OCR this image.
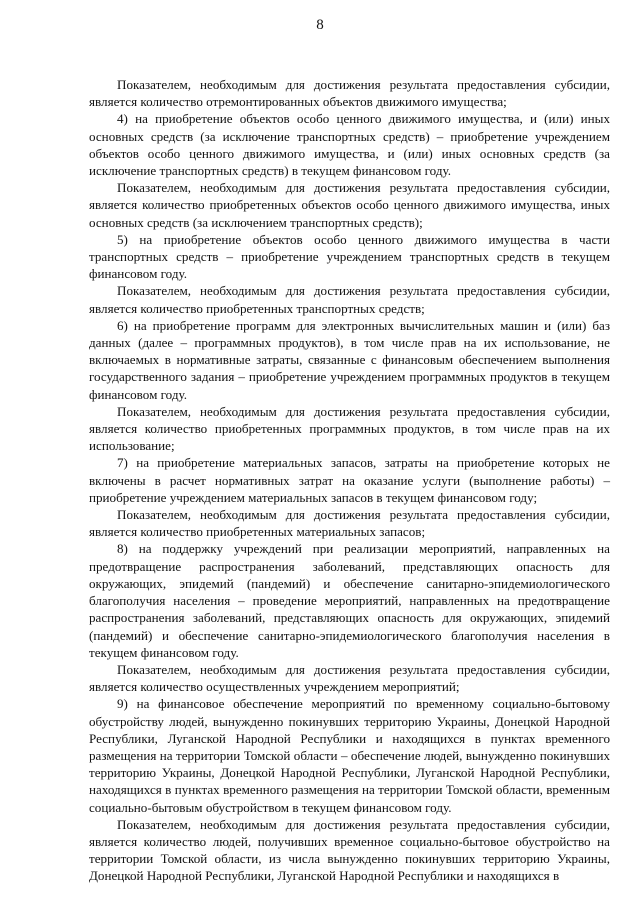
8

Показателем, необходимым для достижения результата предоставления субсидии, является количество отремонтированных объектов движимого имущества;

4) на приобретение объектов особо ценного движимого имущества, и (или) иных основных средств (за исключение транспортных средств) – приобретение учреждением объектов особо ценного движимого имущества, и (или) иных основных средств (за исключение транспортных средств) в текущем финансовом году.

Показателем, необходимым для достижения результата предоставления субсидии, является количество приобретенных объектов особо ценного движимого имущества, иных основных средств (за исключением транспортных средств);

5) на приобретение объектов особо ценного движимого имущества в части транспортных средств – приобретение учреждением транспортных средств в текущем финансовом году.

Показателем, необходимым для достижения результата предоставления субсидии, является количество приобретенных транспортных средств;

6) на приобретение программ для электронных вычислительных машин и (или) баз данных (далее – программных продуктов), в том числе прав на их использование, не включаемых в нормативные затраты, связанные с финансовым обеспечением выполнения государственного задания – приобретение учреждением программных продуктов в текущем финансовом году.

Показателем, необходимым для достижения результата предоставления субсидии, является количество приобретенных программных продуктов, в том числе прав на их использование;

7) на приобретение материальных запасов, затраты на приобретение которых не включены в расчет нормативных затрат на оказание услуги (выполнение работы) – приобретение учреждением материальных запасов в текущем финансовом году;

Показателем, необходимым для достижения результата предоставления субсидии, является количество приобретенных материальных запасов;

8) на поддержку учреждений при реализации мероприятий, направленных на предотвращение распространения заболеваний, представляющих опасность для окружающих, эпидемий (пандемий) и обеспечение санитарно-эпидемиологического благополучия населения – проведение мероприятий, направленных на предотвращение распространения заболеваний, представляющих опасность для окружающих, эпидемий (пандемий) и обеспечение санитарно-эпидемиологического благополучия населения в текущем финансовом году.

Показателем, необходимым для достижения результата предоставления субсидии, является количество осуществленных учреждением мероприятий;

9) на финансовое обеспечение мероприятий по временному социально-бытовому обустройству людей, вынужденно покинувших территорию Украины, Донецкой Народной Республики, Луганской Народной Республики и находящихся в пунктах временного размещения на территории Томской области – обеспечение людей, вынужденно покинувших территорию Украины, Донецкой Народной Республики, Луганской Народной Республики, находящихся в пунктах временного размещения на территории Томской области, временным социально-бытовым обустройством в текущем финансовом году.

Показателем, необходимым для достижения результата предоставления субсидии, является количество людей, получивших временное социально-бытовое обустройство на территории Томской области, из числа вынужденно покинувших территорию Украины, Донецкой Народной Республики, Луганской Народной Республики и находящихся в
